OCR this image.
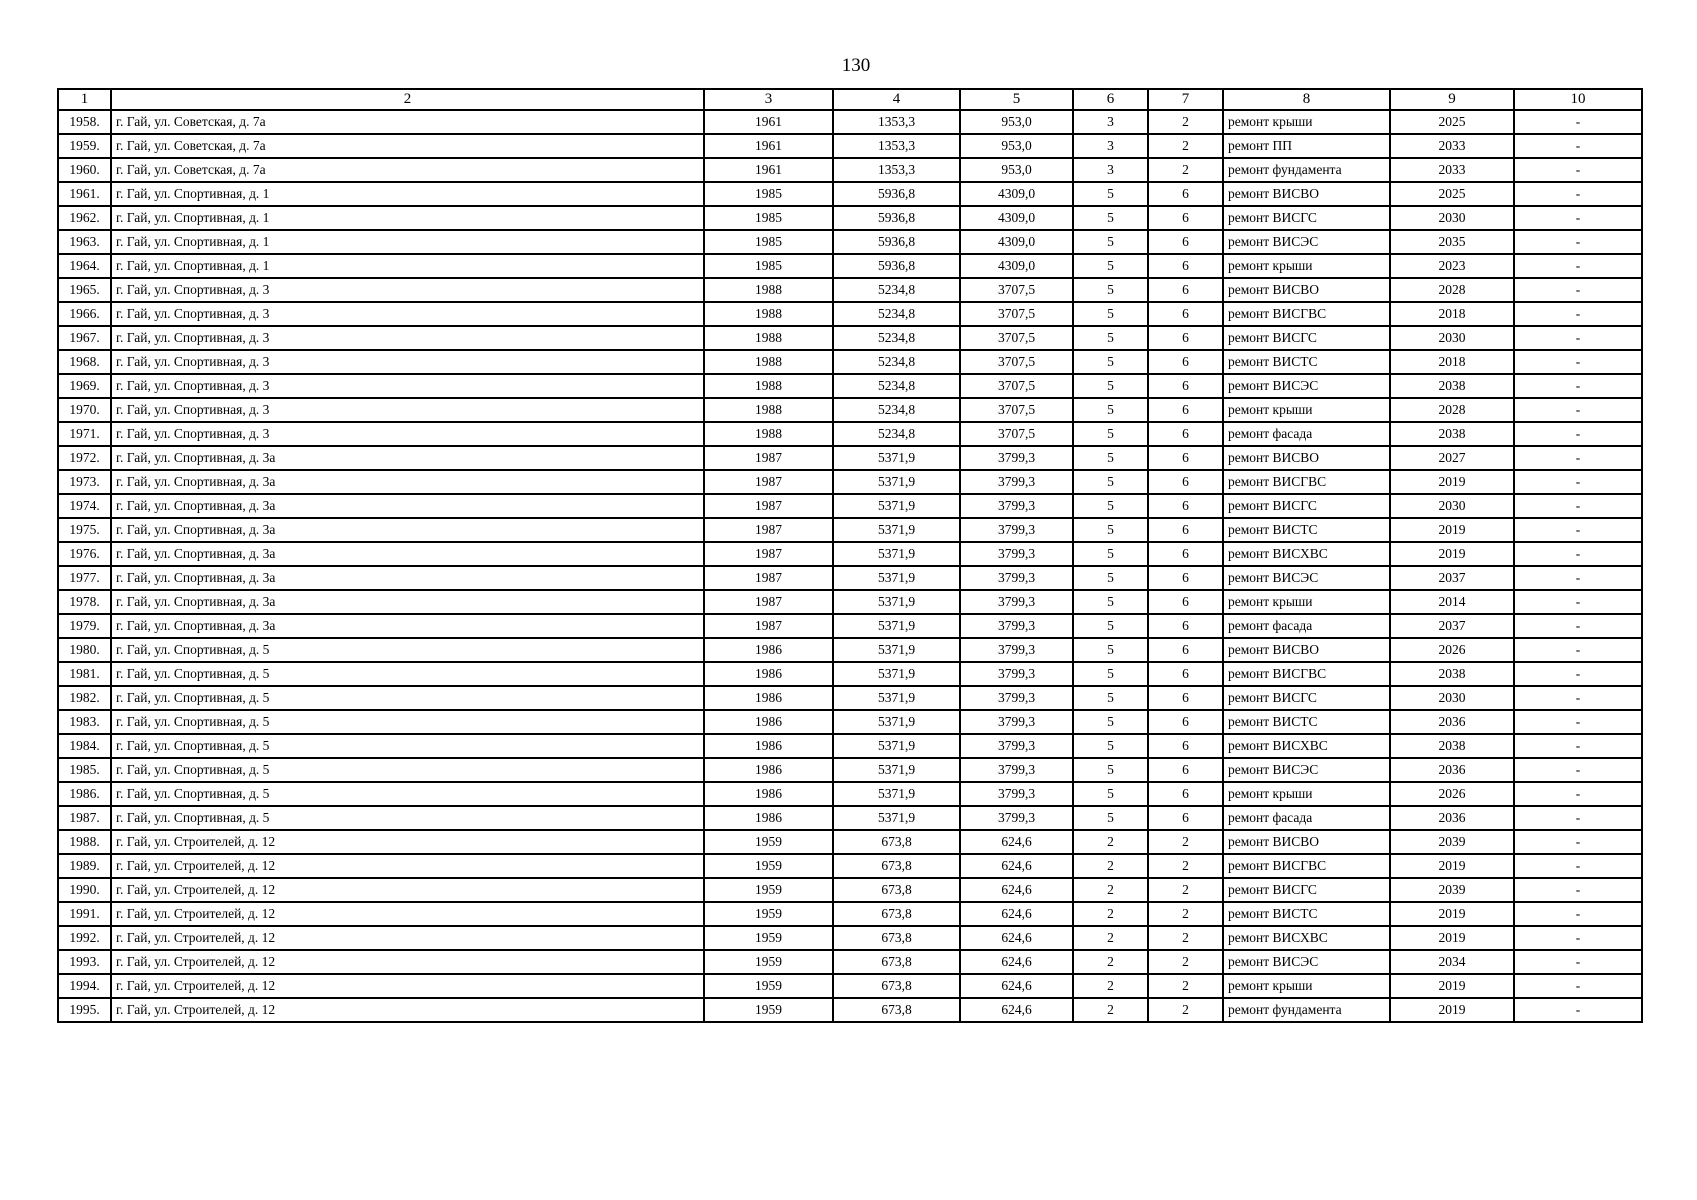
130
1	2	3	4	5	6	7	8	9	10
1958.	г. Гай, ул. Советская, д. 7а	1961	1353,3	953,0	3	2	ремонт крыши	2025	-
1959.	г. Гай, ул. Советская, д. 7а	1961	1353,3	953,0	3	2	ремонт ПП	2033	-
1960.	г. Гай, ул. Советская, д. 7а	1961	1353,3	953,0	3	2	ремонт фундамента	2033	-
1961.	г. Гай, ул. Спортивная, д. 1	1985	5936,8	4309,0	5	6	ремонт ВИСВО	2025	-
1962.	г. Гай, ул. Спортивная, д. 1	1985	5936,8	4309,0	5	6	ремонт ВИСГС	2030	-
1963.	г. Гай, ул. Спортивная, д. 1	1985	5936,8	4309,0	5	6	ремонт ВИСЭС	2035	-
1964.	г. Гай, ул. Спортивная, д. 1	1985	5936,8	4309,0	5	6	ремонт крыши	2023	-
1965.	г. Гай, ул. Спортивная, д. 3	1988	5234,8	3707,5	5	6	ремонт ВИСВО	2028	-
1966.	г. Гай, ул. Спортивная, д. 3	1988	5234,8	3707,5	5	6	ремонт ВИСГВС	2018	-
1967.	г. Гай, ул. Спортивная, д. 3	1988	5234,8	3707,5	5	6	ремонт ВИСГС	2030	-
1968.	г. Гай, ул. Спортивная, д. 3	1988	5234,8	3707,5	5	6	ремонт ВИСТС	2018	-
1969.	г. Гай, ул. Спортивная, д. 3	1988	5234,8	3707,5	5	6	ремонт ВИСЭС	2038	-
1970.	г. Гай, ул. Спортивная, д. 3	1988	5234,8	3707,5	5	6	ремонт крыши	2028	-
1971.	г. Гай, ул. Спортивная, д. 3	1988	5234,8	3707,5	5	6	ремонт фасада	2038	-
1972.	г. Гай, ул. Спортивная, д. 3а	1987	5371,9	3799,3	5	6	ремонт ВИСВО	2027	-
1973.	г. Гай, ул. Спортивная, д. 3а	1987	5371,9	3799,3	5	6	ремонт ВИСГВС	2019	-
1974.	г. Гай, ул. Спортивная, д. 3а	1987	5371,9	3799,3	5	6	ремонт ВИСГС	2030	-
1975.	г. Гай, ул. Спортивная, д. 3а	1987	5371,9	3799,3	5	6	ремонт ВИСТС	2019	-
1976.	г. Гай, ул. Спортивная, д. 3а	1987	5371,9	3799,3	5	6	ремонт ВИСХВС	2019	-
1977.	г. Гай, ул. Спортивная, д. 3а	1987	5371,9	3799,3	5	6	ремонт ВИСЭС	2037	-
1978.	г. Гай, ул. Спортивная, д. 3а	1987	5371,9	3799,3	5	6	ремонт крыши	2014	-
1979.	г. Гай, ул. Спортивная, д. 3а	1987	5371,9	3799,3	5	6	ремонт фасада	2037	-
1980.	г. Гай, ул. Спортивная, д. 5	1986	5371,9	3799,3	5	6	ремонт ВИСВО	2026	-
1981.	г. Гай, ул. Спортивная, д. 5	1986	5371,9	3799,3	5	6	ремонт ВИСГВС	2038	-
1982.	г. Гай, ул. Спортивная, д. 5	1986	5371,9	3799,3	5	6	ремонт ВИСГС	2030	-
1983.	г. Гай, ул. Спортивная, д. 5	1986	5371,9	3799,3	5	6	ремонт ВИСТС	2036	-
1984.	г. Гай, ул. Спортивная, д. 5	1986	5371,9	3799,3	5	6	ремонт ВИСХВС	2038	-
1985.	г. Гай, ул. Спортивная, д. 5	1986	5371,9	3799,3	5	6	ремонт ВИСЭС	2036	-
1986.	г. Гай, ул. Спортивная, д. 5	1986	5371,9	3799,3	5	6	ремонт крыши	2026	-
1987.	г. Гай, ул. Спортивная, д. 5	1986	5371,9	3799,3	5	6	ремонт фасада	2036	-
1988.	г. Гай, ул. Строителей, д. 12	1959	673,8	624,6	2	2	ремонт ВИСВО	2039	-
1989.	г. Гай, ул. Строителей, д. 12	1959	673,8	624,6	2	2	ремонт ВИСГВС	2019	-
1990.	г. Гай, ул. Строителей, д. 12	1959	673,8	624,6	2	2	ремонт ВИСГС	2039	-
1991.	г. Гай, ул. Строителей, д. 12	1959	673,8	624,6	2	2	ремонт ВИСТС	2019	-
1992.	г. Гай, ул. Строителей, д. 12	1959	673,8	624,6	2	2	ремонт ВИСХВС	2019	-
1993.	г. Гай, ул. Строителей, д. 12	1959	673,8	624,6	2	2	ремонт ВИСЭС	2034	-
1994.	г. Гай, ул. Строителей, д. 12	1959	673,8	624,6	2	2	ремонт крыши	2019	-
1995.	г. Гай, ул. Строителей, д. 12	1959	673,8	624,6	2	2	ремонт фундамента	2019	-
